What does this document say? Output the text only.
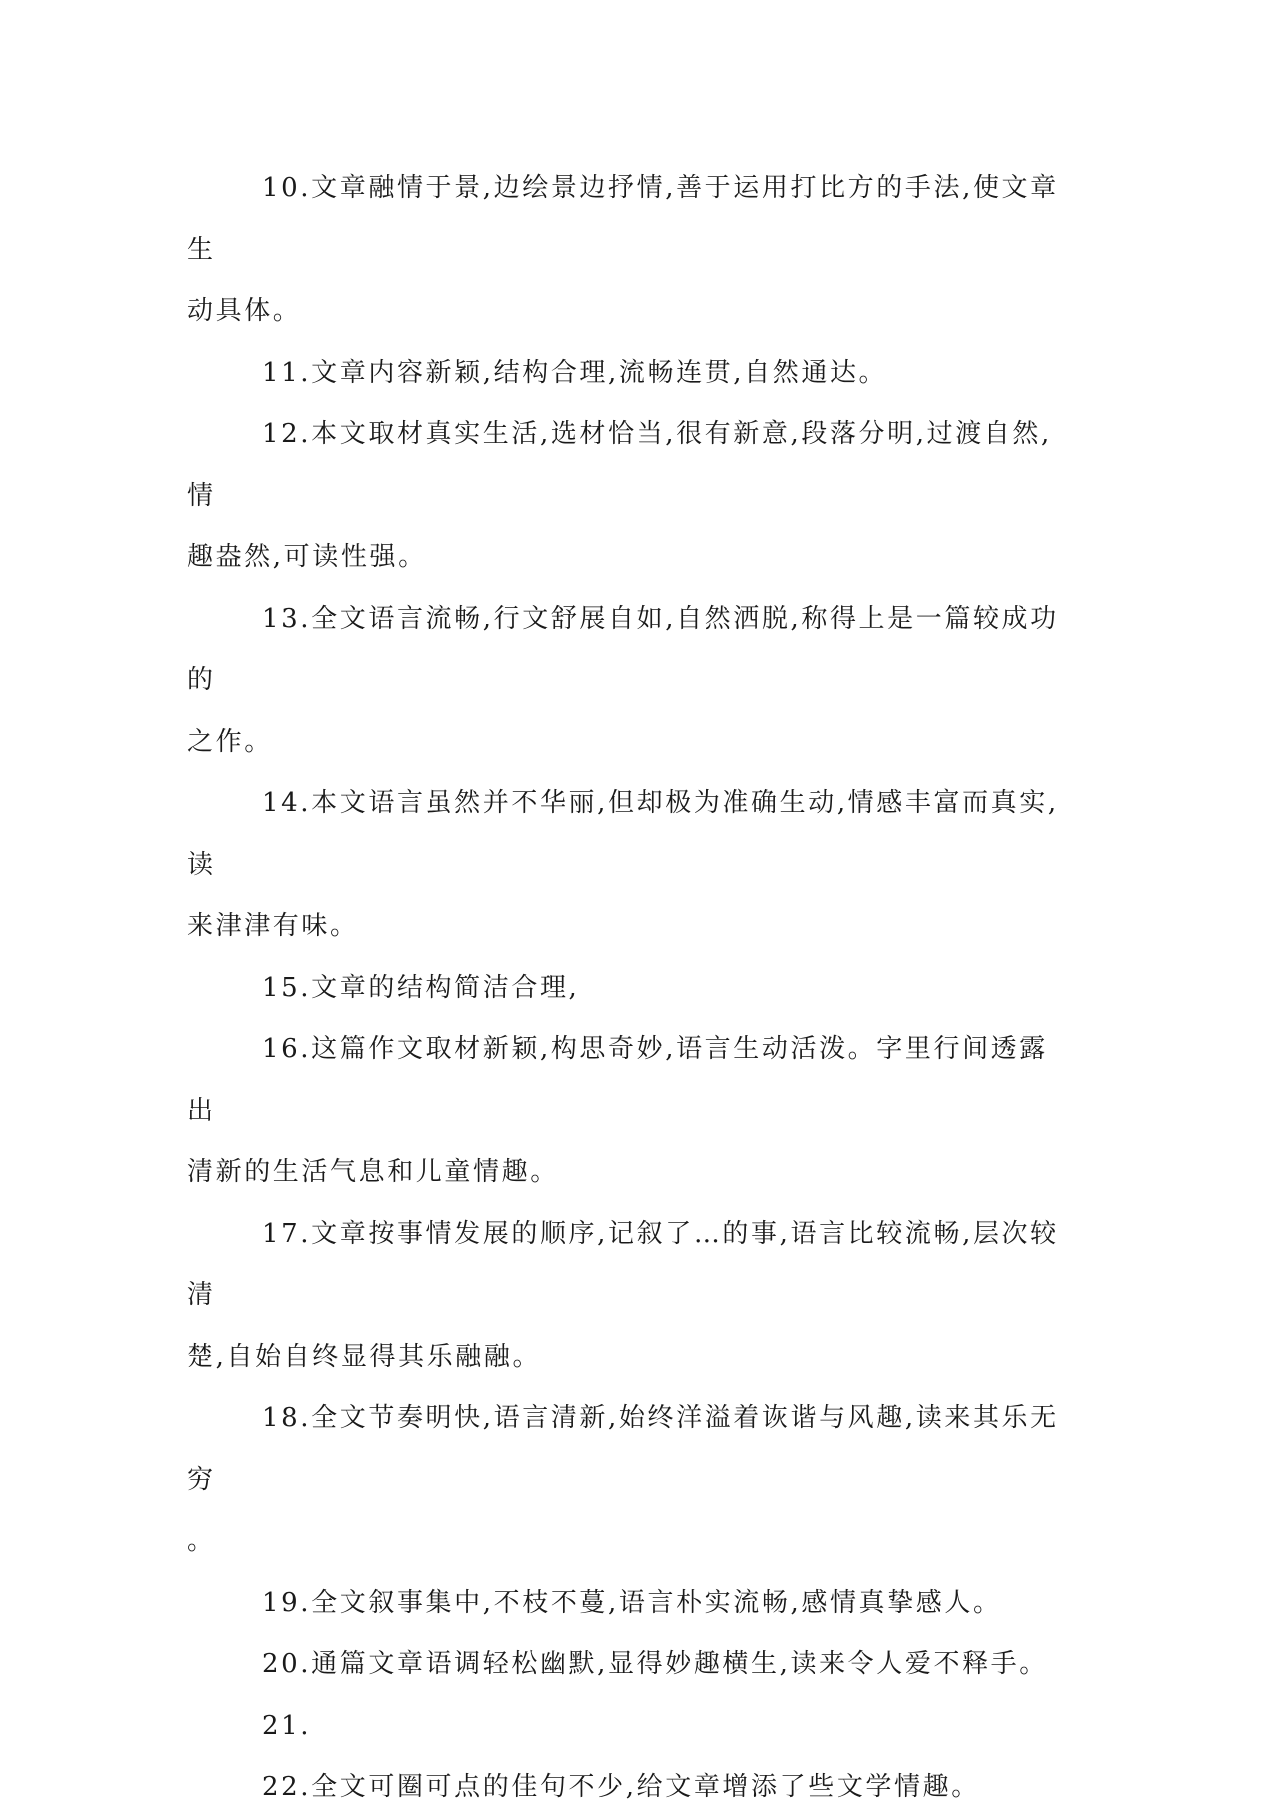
10.文章融情于景,边绘景边抒情,善于运用打比方的手法,使文章生
动具体。
11.文章内容新颖,结构合理,流畅连贯,自然通达。
12.本文取材真实生活,选材恰当,很有新意,段落分明,过渡自然,情
趣盎然,可读性强。
13.全文语言流畅,行文舒展自如,自然洒脱,称得上是一篇较成功的
之作。
14.本文语言虽然并不华丽,但却极为准确生动,情感丰富而真实,读
来津津有味。
15.文章的结构简洁合理,
16.这篇作文取材新颖,构思奇妙,语言生动活泼。字里行间透露出
清新的生活气息和儿童情趣。
17.文章按事情发展的顺序,记叙了…的事,语言比较流畅,层次较清
楚,自始自终显得其乐融融。
18.全文节奏明快,语言清新,始终洋溢着诙谐与风趣,读来其乐无穷
。
19.全文叙事集中,不枝不蔓,语言朴实流畅,感情真挚感人。
20.通篇文章语调轻松幽默,显得妙趣横生,读来令人爱不释手。
21.
22.全文可圈可点的佳句不少,给文章增添了些文学情趣。
